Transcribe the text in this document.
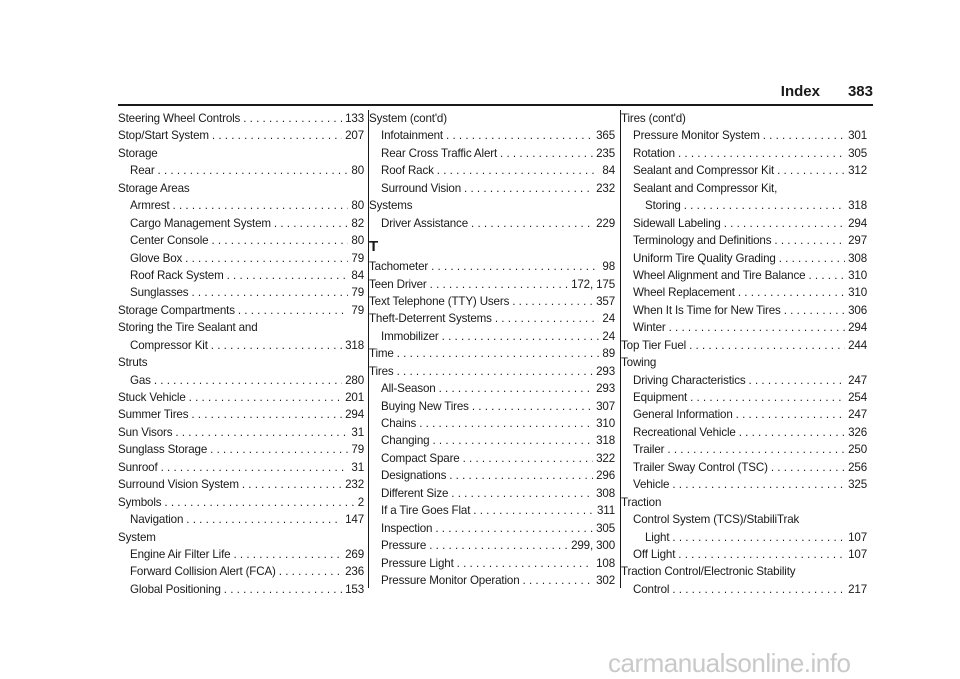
Index 383
Steering Wheel Controls . . .	133
Stop/Start System . . .	207
Storage
Rear . . .	80
Storage Areas
Armrest . . .	80
Cargo Management System . . .	82
Center Console . . .	80
Glove Box . . .	79
Roof Rack System . . .	84
Sunglasses . . .	79
Storage Compartments . . .	79
Storing the Tire Sealant and
Compressor Kit . . .	318
Struts
Gas . . .	280
Stuck Vehicle . . .	201
Summer Tires . . .	294
Sun Visors . . .	31
Sunglass Storage . . .	79
Sunroof . . .	31
Surround Vision System . . .	232
Symbols . . .	2
Navigation . . .	147
System
Engine Air Filter Life . . .	269
Forward Collision Alert (FCA) . . .	236
Global Positioning . . .	153
System (cont'd)
Infotainment . . .	365
Rear Cross Traffic Alert . . .	235
Roof Rack . . .	84
Surround Vision . . .	232
Systems
Driver Assistance . . .	229
T
Tachometer . . .	98
Teen Driver . . .	172, 175
Text Telephone (TTY) Users . . .	357
Theft-Deterrent Systems . . .	24
Immobilizer . . .	24
Time . . .	89
Tires . . .	293
All-Season . . .	293
Buying New Tires . . .	307
Chains . . .	310
Changing . . .	318
Compact Spare . . .	322
Designations . . .	296
Different Size . . .	308
If a Tire Goes Flat . . .	311
Inspection . . .	305
Pressure . . .	299, 300
Pressure Light . . .	108
Pressure Monitor Operation . . .	302
Tires (cont'd)
Pressure Monitor System . . .	301
Rotation . . .	305
Sealant and Compressor Kit . . .	312
Sealant and Compressor Kit,
Storing . . .	318
Sidewall Labeling . . .	294
Terminology and Definitions . . .	297
Uniform Tire Quality Grading . . .	308
Wheel Alignment and Tire Balance . . .	310
Wheel Replacement . . .	310
When It Is Time for New Tires . . .	306
Winter . . .	294
Top Tier Fuel . . .	244
Towing
Driving Characteristics . . .	247
Equipment . . .	254
General Information . . .	247
Recreational Vehicle . . .	326
Trailer . . .	250
Trailer Sway Control (TSC) . . .	256
Vehicle . . .	325
Traction
Control System (TCS)/StabiliTrak
Light . . .	107
Off Light . . .	107
Traction Control/Electronic Stability
Control . . .	217
carmanualsonline.info
